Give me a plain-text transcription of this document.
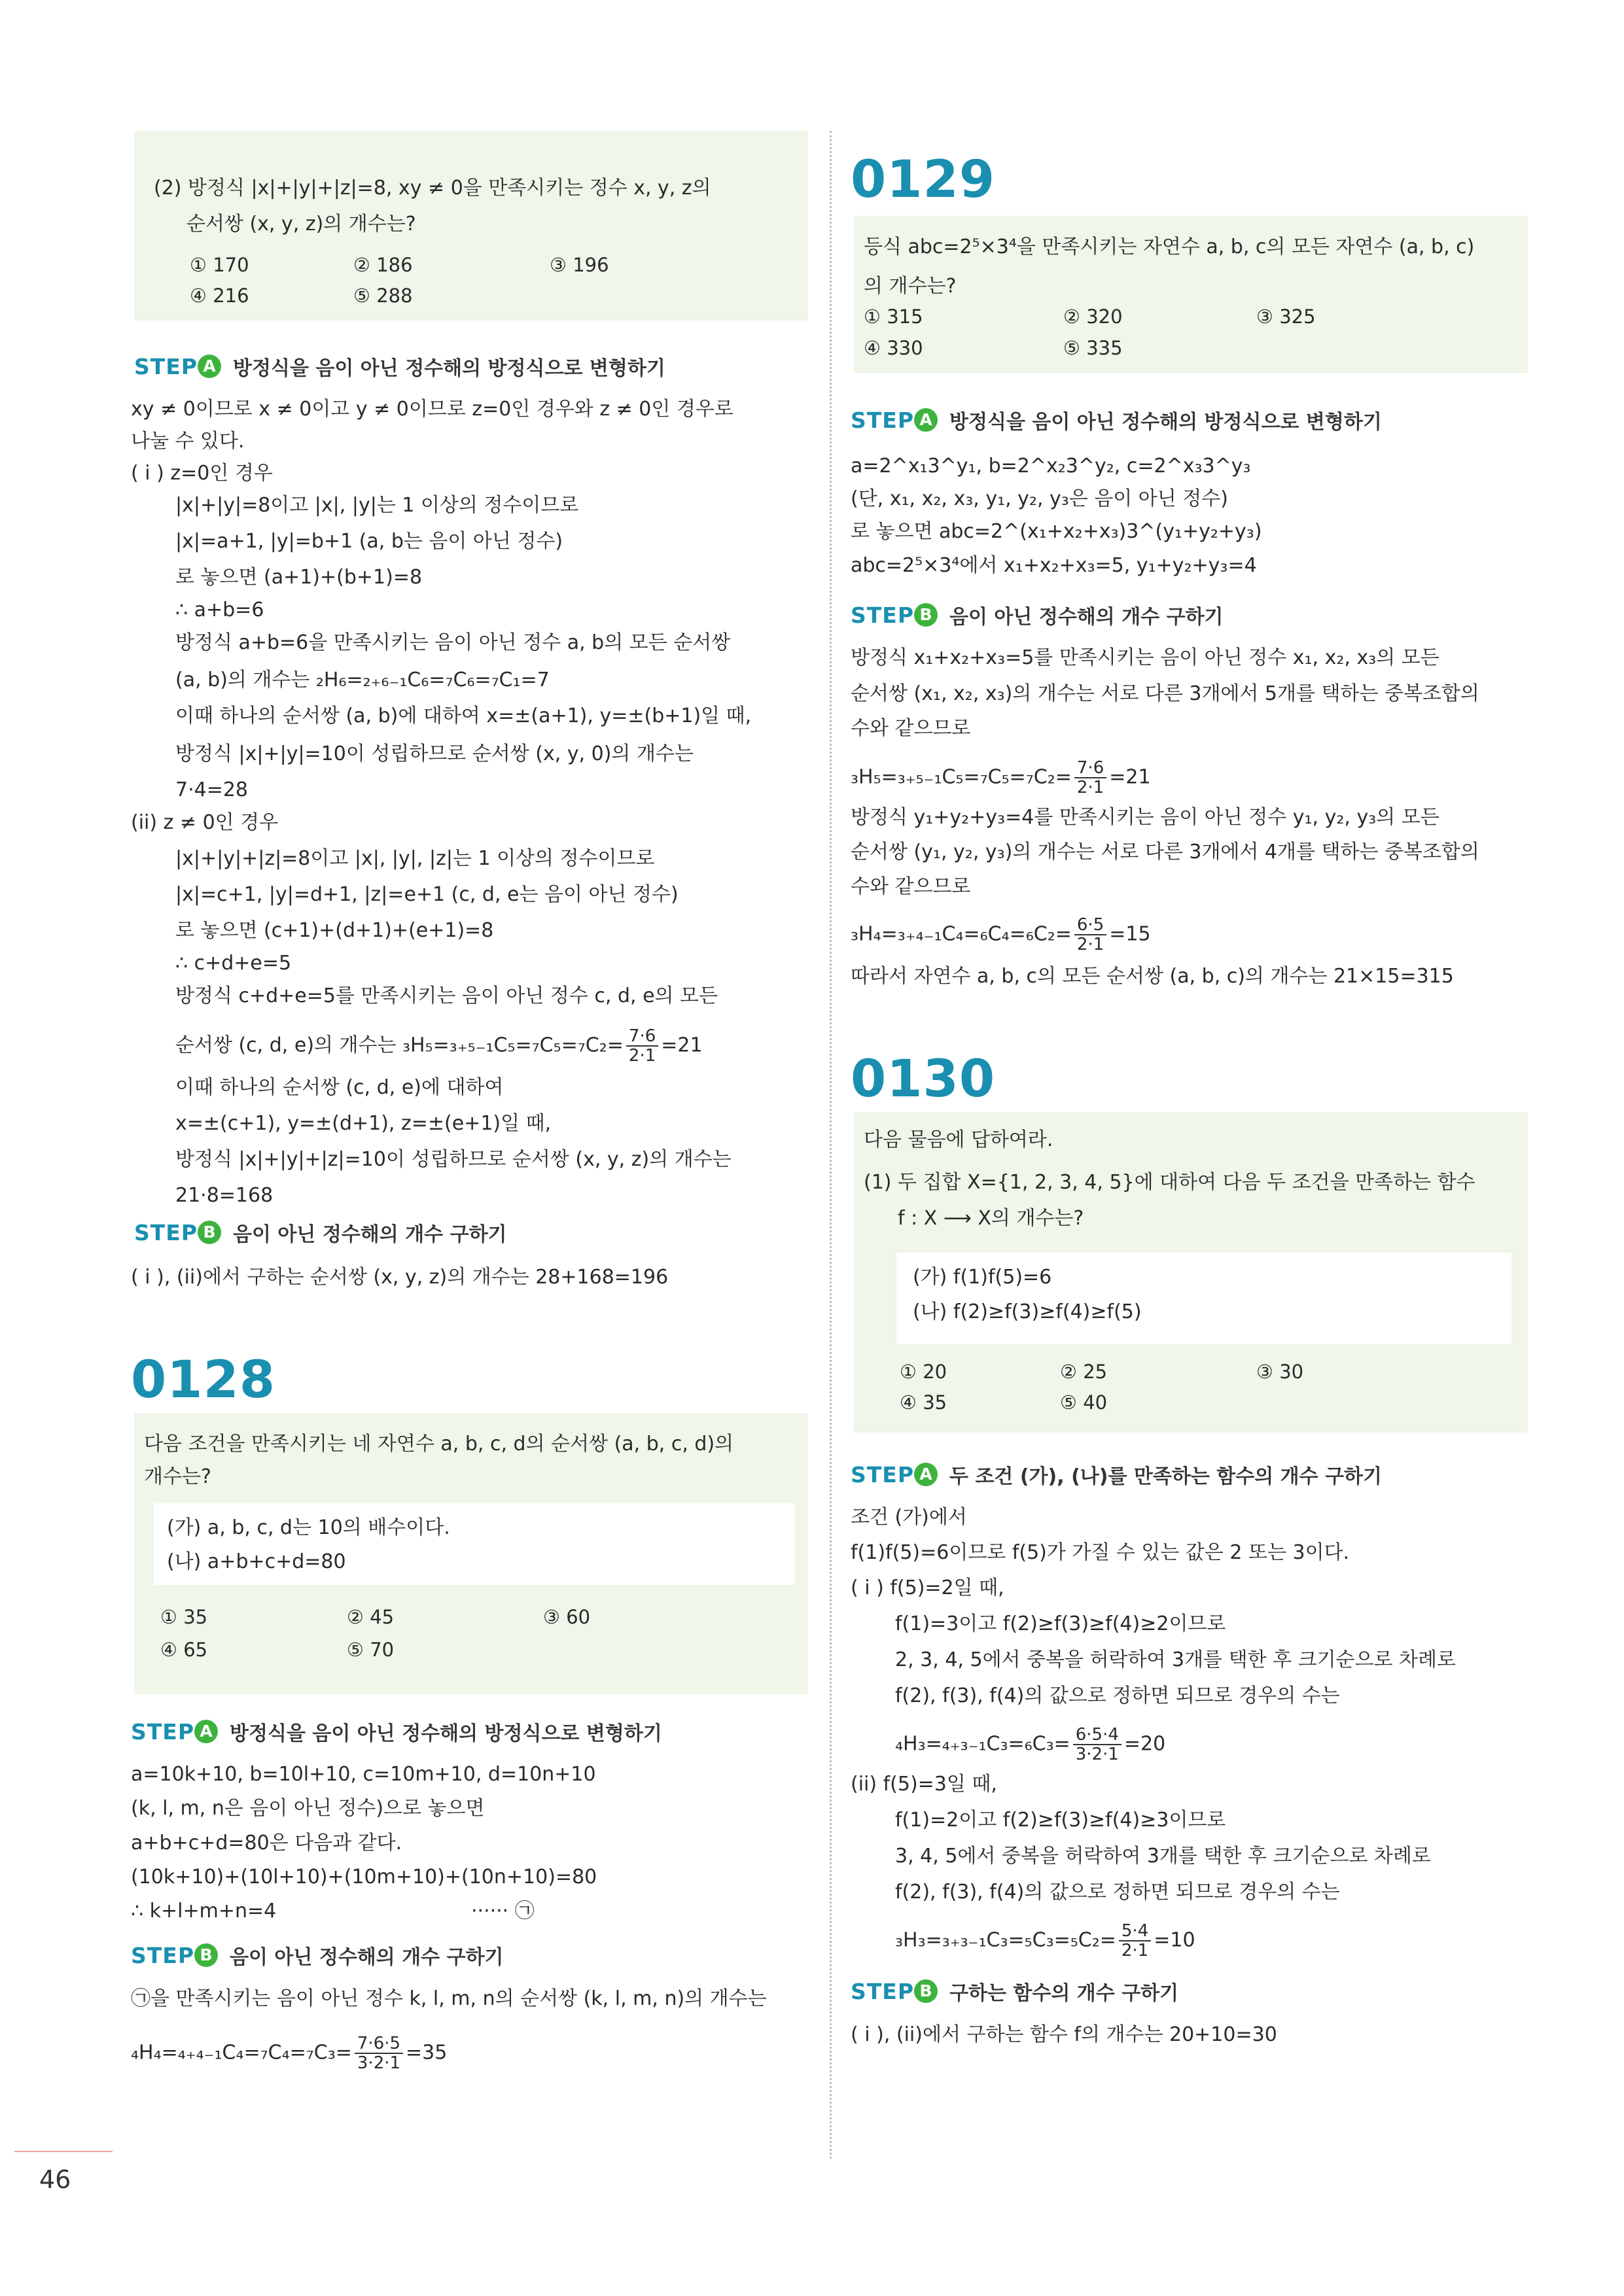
(2) 방정식 |x|+|y|+|z|=8, xy ≠ 0을 만족시키는 정수 x, y, z의
순서쌍 (x, y, z)의 개수는?
① 170	② 186	③ 196
④ 216	⑤ 288
STEP A 방정식을 음이 아닌 정수해의 방정식으로 변형하기
xy ≠ 0이므로 x ≠ 0이고 y ≠ 0이므로 z=0인 경우와 z ≠ 0인 경우로
나눌 수 있다.
( i ) z=0인 경우
|x|+|y|=8이고 |x|, |y|는 1 이상의 정수이므로
|x|=a+1, |y|=b+1 (a, b는 음이 아닌 정수)
로 놓으면 (a+1)+(b+1)=8
∴ a+b=6
방정식 a+b=6을 만족시키는 음이 아닌 정수 a, b의 모든 순서쌍
(a, b)의 개수는 ₂H₆=₂₊₆₋₁C₆=₇C₆=₇C₁=7
이때 하나의 순서쌍 (a, b)에 대하여 x=±(a+1), y=±(b+1)일 때,
방정식 |x|+|y|=10이 성립하므로 순서쌍 (x, y, 0)의 개수는
7·4=28
(ii) z ≠ 0인 경우
|x|+|y|+|z|=8이고 |x|, |y|, |z|는 1 이상의 정수이므로
|x|=c+1, |y|=d+1, |z|=e+1 (c, d, e는 음이 아닌 정수)
로 놓으면 (c+1)+(d+1)+(e+1)=8
∴ c+d+e=5
방정식 c+d+e=5를 만족시키는 음이 아닌 정수 c, d, e의 모든
순서쌍 (c, d, e)의 개수는 $_3H_5=_{3+5-1}C_5=_7C_5=_7C_2= \frac{7\cdot 6}{2\cdot 1} =21$
이때 하나의 순서쌍 (c, d, e)에 대하여
x=±(c+1), y=±(d+1), z=±(e+1)일 때,
방정식 |x|+|y|+|z|=10이 성립하므로 순서쌍 (x, y, z)의 개수는
21·8=168
STEP B 음이 아닌 정수해의 개수 구하기
( i ), (ii)에서 구하는 순서쌍 (x, y, z)의 개수는 28+168=196
0128
다음 조건을 만족시키는 네 자연수 a, b, c, d의 순서쌍 (a, b, c, d)의
개수는?
(가) a, b, c, d는 10의 배수이다.
(나) a+b+c+d=80
① 35	② 45	③ 60
④ 65	⑤ 70
STEP A 방정식을 음이 아닌 정수해의 방정식으로 변형하기
a=10k+10, b=10l+10, c=10m+10, d=10n+10
(k, l, m, n은 음이 아닌 정수)으로 놓으면
a+b+c+d=80은 다음과 같다.
(10k+10)+(10l+10)+(10m+10)+(10n+10)=80
∴ k+l+m+n=4	······ ㉠
STEP B 음이 아닌 정수해의 개수 구하기
㉠을 만족시키는 음이 아닌 정수 k, l, m, n의 순서쌍 (k, l, m, n)의 개수는
$_4H_4=_{4+4-1}C_4=_7C_4=_7C_3= \frac{7\cdot 6\cdot 5}{3\cdot 2\cdot 1} =35$
0129
등식 abc=2⁵×3⁴을 만족시키는 자연수 a, b, c의 모든 자연수 (a, b, c)
의 개수는?
① 315	② 320	③ 325
④ 330	⑤ 335
STEP A 방정식을 음이 아닌 정수해의 방정식으로 변형하기
a=2^x₁3^y₁, b=2^x₂3^y₂, c=2^x₃3^y₃
(단, x₁, x₂, x₃, y₁, y₂, y₃은 음이 아닌 정수)
로 놓으면 abc=2^(x₁+x₂+x₃)3^(y₁+y₂+y₃)
abc=2⁵×3⁴에서 x₁+x₂+x₃=5, y₁+y₂+y₃=4
STEP B 음이 아닌 정수해의 개수 구하기
방정식 x₁+x₂+x₃=5를 만족시키는 음이 아닌 정수 x₁, x₂, x₃의 모든
순서쌍 (x₁, x₂, x₃)의 개수는 서로 다른 3개에서 5개를 택하는 중복조합의
수와 같으므로
$_3H_5=_{3+5-1}C_5=_7C_5=_7C_2= \frac{7\cdot 6}{2\cdot 1} =21$
방정식 y₁+y₂+y₃=4를 만족시키는 음이 아닌 정수 y₁, y₂, y₃의 모든
순서쌍 (y₁, y₂, y₃)의 개수는 서로 다른 3개에서 4개를 택하는 중복조합의
수와 같으므로
$_3H_4=_{3+4-1}C_4=_6C_4=_6C_2= \frac{6\cdot 5}{2\cdot 1} =15$
따라서 자연수 a, b, c의 모든 순서쌍 (a, b, c)의 개수는 21×15=315
0130
다음 물음에 답하여라.
(1) 두 집합 X={1, 2, 3, 4, 5}에 대하여 다음 두 조건을 만족하는 함수
f : X ⟶ X의 개수는?
(가) f(1)f(5)=6
(나) f(2)≥f(3)≥f(4)≥f(5)
① 20	② 25	③ 30
④ 35	⑤ 40
STEP A 두 조건 (가), (나)를 만족하는 함수의 개수 구하기
조건 (가)에서
f(1)f(5)=6이므로 f(5)가 가질 수 있는 값은 2 또는 3이다.
( i ) f(5)=2일 때,
f(1)=3이고 f(2)≥f(3)≥f(4)≥2이므로
2, 3, 4, 5에서 중복을 허락하여 3개를 택한 후 크기순으로 차례로
f(2), f(3), f(4)의 값으로 정하면 되므로 경우의 수는
$_4H_3=_{4+3-1}C_3=_6C_3= \frac{6\cdot 5\cdot 4}{3\cdot 2\cdot 1} =20$
(ii) f(5)=3일 때,
f(1)=2이고 f(2)≥f(3)≥f(4)≥3이므로
3, 4, 5에서 중복을 허락하여 3개를 택한 후 크기순으로 차례로
f(2), f(3), f(4)의 값으로 정하면 되므로 경우의 수는
$_3H_3=_{3+3-1}C_3=_5C_3=_5C_2= \frac{5\cdot 4}{2\cdot 1} =10$
STEP B 구하는 함수의 개수 구하기
( i ), (ii)에서 구하는 함수 f의 개수는 20+10=30
46
